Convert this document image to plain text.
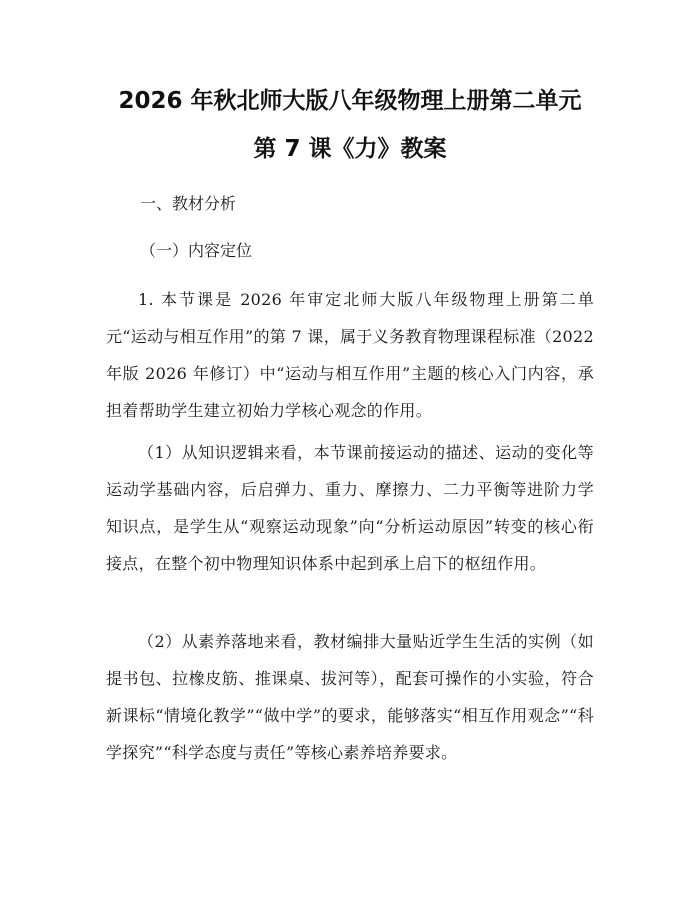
2026 年秋北师大版八年级物理上册第二单元
第 7 课《力》教案
一、教材分析
（一）内容定位
1. 本节课是 2026 年审定北师大版八年级物理上册第二单元“运动与相互作用”的第 7 课，属于义务教育物理课程标准（2022 年版 2026 年修订）中“运动与相互作用”主题的核心入门内容，承担着帮助学生建立初始力学核心观念的作用。
（1）从知识逻辑来看，本节课前接运动的描述、运动的变化等运动学基础内容，后启弹力、重力、摩擦力、二力平衡等进阶力学知识点，是学生从“观察运动现象”向“分析运动原因”转变的核心衔接点，在整个初中物理知识体系中起到承上启下的枢纽作用。
（2）从素养落地来看，教材编排大量贴近学生生活的实例（如提书包、拉橡皮筋、推课桌、拔河等），配套可操作的小实验，符合新课标“情境化教学”“做中学”的要求，能够落实“相互作用观念”“科学探究”“科学态度与责任”等核心素养培养要求。
